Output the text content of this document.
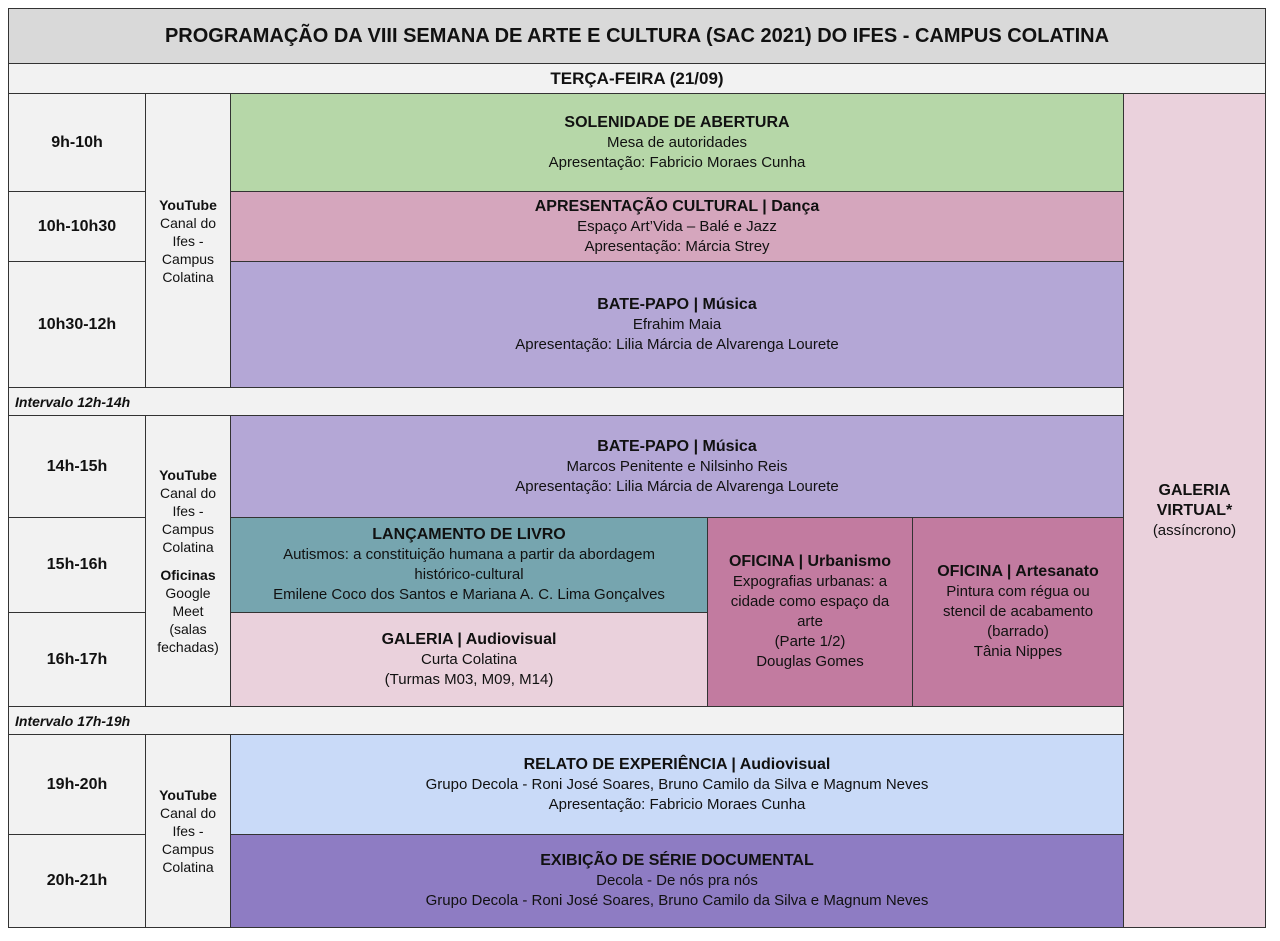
PROGRAMAÇÃO DA VIII SEMANA DE ARTE E CULTURA (SAC 2021) DO IFES - CAMPUS COLATINA
TERÇA-FEIRA (21/09)
9h-10h
10h-10h30
10h30-12h
14h-15h
15h-16h
16h-17h
19h-20h
20h-21h
Intervalo 12h-14h
Intervalo 17h-19h
YouTube
Canal do
Ifes -
Campus
Colatina
YouTube
Canal do
Ifes -
Campus
Colatina
Oficinas
Google
Meet
(salas
fechadas)
YouTube
Canal do
Ifes -
Campus
Colatina
SOLENIDADE DE ABERTURA
Mesa de autoridades
Apresentação: Fabricio Moraes Cunha
APRESENTAÇÃO CULTURAL | Dança
Espaço Art’Vida – Balé e Jazz
Apresentação: Márcia Strey
BATE-PAPO | Música
Efrahim Maia
Apresentação: Lilia Márcia de Alvarenga Lourete
BATE-PAPO | Música
Marcos Penitente e Nilsinho Reis
Apresentação: Lilia Márcia de Alvarenga Lourete
LANÇAMENTO DE LIVRO
Autismos: a constituição humana a partir da abordagem
histórico-cultural
Emilene Coco dos Santos e Mariana A. C. Lima Gonçalves
GALERIA | Audiovisual
Curta Colatina
(Turmas M03, M09, M14)
OFICINA | Urbanismo
Expografias urbanas: a
cidade como espaço da
arte
(Parte 1/2)
Douglas Gomes
OFICINA | Artesanato
Pintura com régua ou
stencil de acabamento
(barrado)
Tânia Nippes
RELATO DE EXPERIÊNCIA | Audiovisual
Grupo Decola - Roni José Soares, Bruno Camilo da Silva e Magnum Neves
Apresentação: Fabricio Moraes Cunha
EXIBIÇÃO DE SÉRIE DOCUMENTAL
Decola - De nós pra nós
Grupo Decola - Roni José Soares, Bruno Camilo da Silva e Magnum Neves
GALERIA
VIRTUAL*
(assíncrono)
